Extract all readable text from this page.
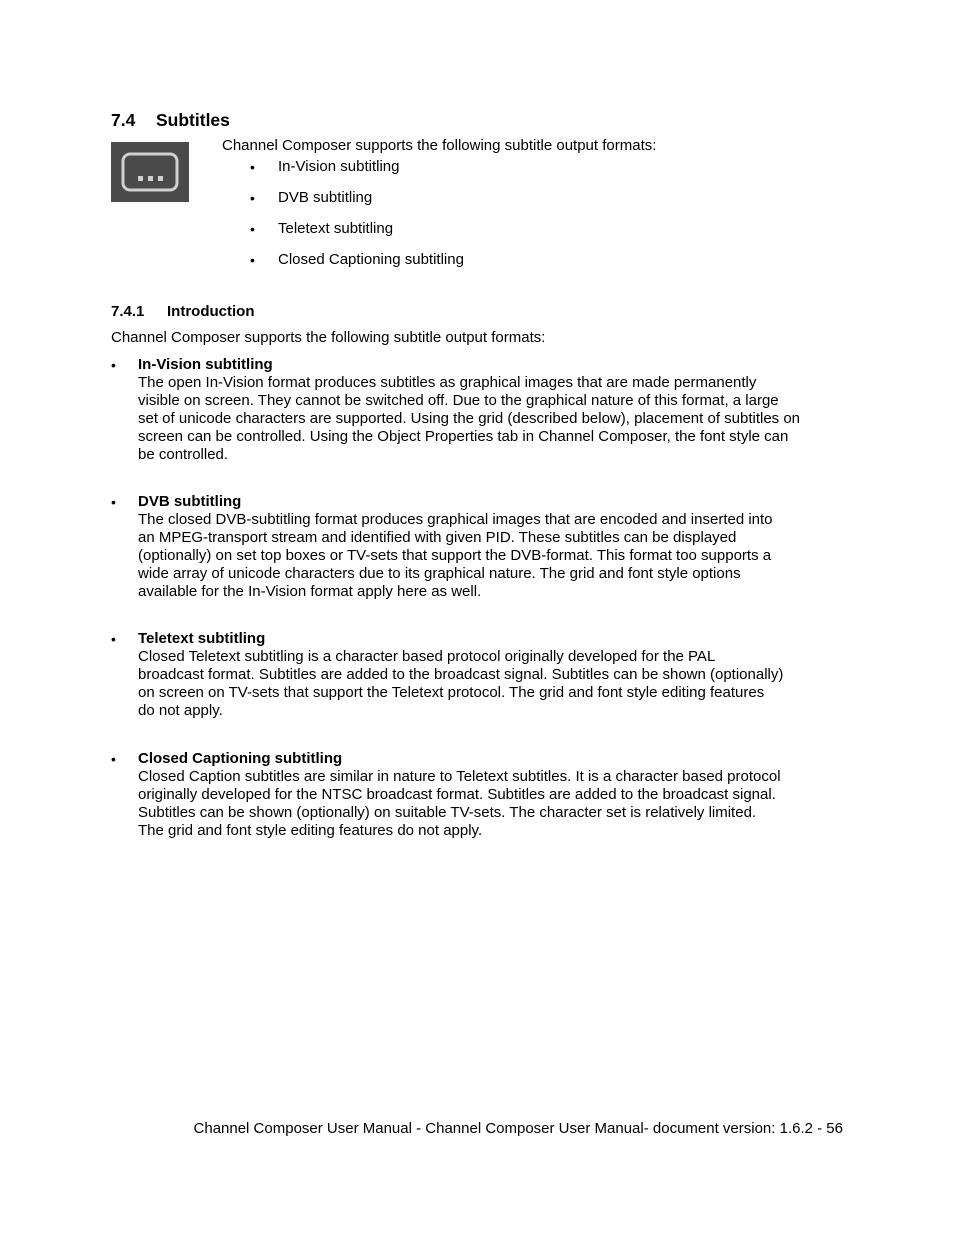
7.4 Subtitles
Channel Composer supports the following subtitle output formats:
• In-Vision subtitling
• DVB subtitling
• Teletext subtitling
• Closed Captioning subtitling
7.4.1 Introduction
Channel Composer supports the following subtitle output formats:
• In-Vision subtitling
The open In-Vision format produces subtitles as graphical images that are made permanently
visible on screen. They cannot be switched off. Due to the graphical nature of this format, a large
set of unicode characters are supported. Using the grid (described below), placement of subtitles on
screen can be controlled. Using the Object Properties tab in Channel Composer, the font style can
be controlled.
• DVB subtitling
The closed DVB-subtitling format produces graphical images that are encoded and inserted into
an MPEG-transport stream and identified with given PID. These subtitles can be displayed
(optionally) on set top boxes or TV-sets that support the DVB-format. This format too supports a
wide array of unicode characters due to its graphical nature. The grid and font style options
available for the In-Vision format apply here as well.
• Teletext subtitling
Closed Teletext subtitling is a character based protocol originally developed for the PAL
broadcast format. Subtitles are added to the broadcast signal. Subtitles can be shown (optionally)
on screen on TV-sets that support the Teletext protocol. The grid and font style editing features
do not apply.
• Closed Captioning subtitling
Closed Caption subtitles are similar in nature to Teletext subtitles. It is a character based protocol
originally developed for the NTSC broadcast format. Subtitles are added to the broadcast signal.
Subtitles can be shown (optionally) on suitable TV-sets. The character set is relatively limited.
The grid and font style editing features do not apply.
Channel Composer User Manual - Channel Composer User Manual- document version: 1.6.2 - 56
